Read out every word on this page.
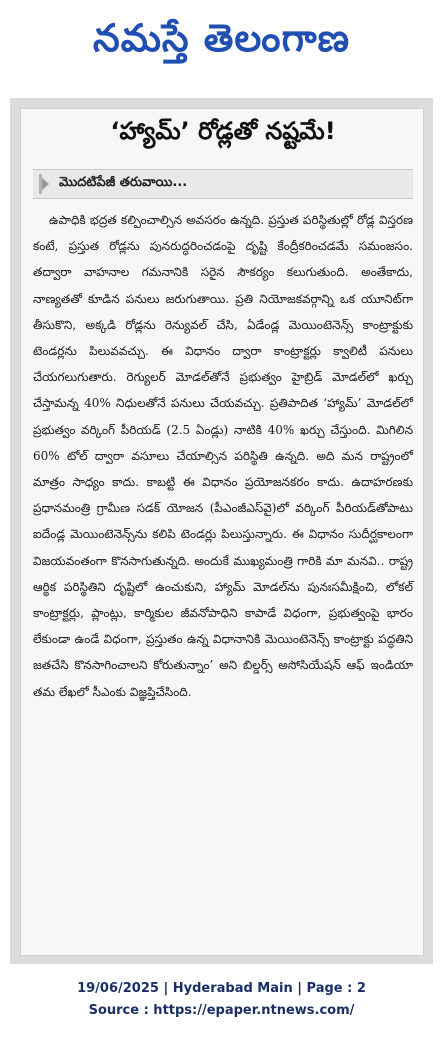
నమస్తే తెలంగాణ
‘హ్యామ్’ రోడ్లతో నష్టమే!
మొదటిపేజీ తరువాయి...

ఉపాధికి భద్రత కల్పించాల్సిన అవసరం ఉన్నది. ప్రస్తుత పరిస్థితుల్లో రోడ్ల విస్తరణ కంటే, ప్రస్తుత రోడ్లను పునరుద్ధరించడంపై దృష్టి కేంద్రీకరించడమే సమంజసం. తద్వారా వాహనాల గమనానికి సరైన సౌకర్యం కలుగుతుంది. అంతేకాదు, నాణ్యతతో కూడిన పనులు జరుగుతాయి. ప్రతి నియోజకవర్గాన్ని ఒక యూనిట్‌గా తీసుకొని, అక్కడి రోడ్లను రెన్యువల్ చేసి, ఏడేండ్ల మెయింటెనెన్స్ కాంట్రాక్టుకు టెండర్లను పిలువవచ్చు. ఈ విధానం ద్వారా కాంట్రాక్టర్లు క్వాలిటీ పనులు చేయగలుగుతారు. రెగ్యులర్ మోడల్‌తోనే ప్రభుత్వం హైబ్రిడ్ మోడల్‌లో ఖర్చు చేస్తామన్న 40% నిధులతోనే పనులు చేయవచ్చు. ప్రతిపాదిత ‘హ్యామ్’ మోడల్‌లో ప్రభుత్వం వర్కింగ్ పీరియడ్ (2.5 ఏండ్లు) నాటికి 40% ఖర్చు చేస్తుంది. మిగిలిన 60% టోల్ ద్వారా వసూలు చేయాల్సిన పరిస్థితి ఉన్నది. అది మన రాష్ట్రంలో మాత్రం సాధ్యం కాదు. కాబట్టి ఈ విధానం ప్రయోజనకరం కాదు. ఉదాహరణకు ప్రధానమంత్రి గ్రామీణ సడక్ యోజన (పీఎంజీఎస్‌వై)లో వర్కింగ్ పీరియడ్‌తోపాటు ఐదేండ్ల మెయింటెనెన్స్‌ను కలిపి టెండర్లు పిలుస్తున్నారు. ఈ విధానం సుదీర్ఘకాలంగా విజయవంతంగా కొనసాగుతున్నది. అందుకే ముఖ్యమంత్రి గారికి మా మనవి.. రాష్ట్ర ఆర్థిక పరిస్థితిని దృష్టిలో ఉంచుకుని, హ్యామ్ మోడల్‌ను పునఃసమీక్షించి, లోకల్ కాంట్రాక్టర్లు, ప్లాంట్లు, కార్మికుల జీవనోపాధిని కాపాడే విధంగా, ప్రభుత్వంపై భారం లేకుండా ఉండే విధంగా, ప్రస్తుతం ఉన్న విధానానికి మెయింటెనెన్స్ కాంట్రాక్టు పద్ధతిని జతచేసి కొనసాగించాలని కోరుతున్నాం’ అని బిల్డర్స్ అసోసియేషన్ ఆఫ్ ఇండియా తమ లేఖలో సీఎంకు విజ్ఞప్తిచేసింది.

19/06/2025 | Hyderabad Main | Page : 2
Source : https://epaper.ntnews.com/
